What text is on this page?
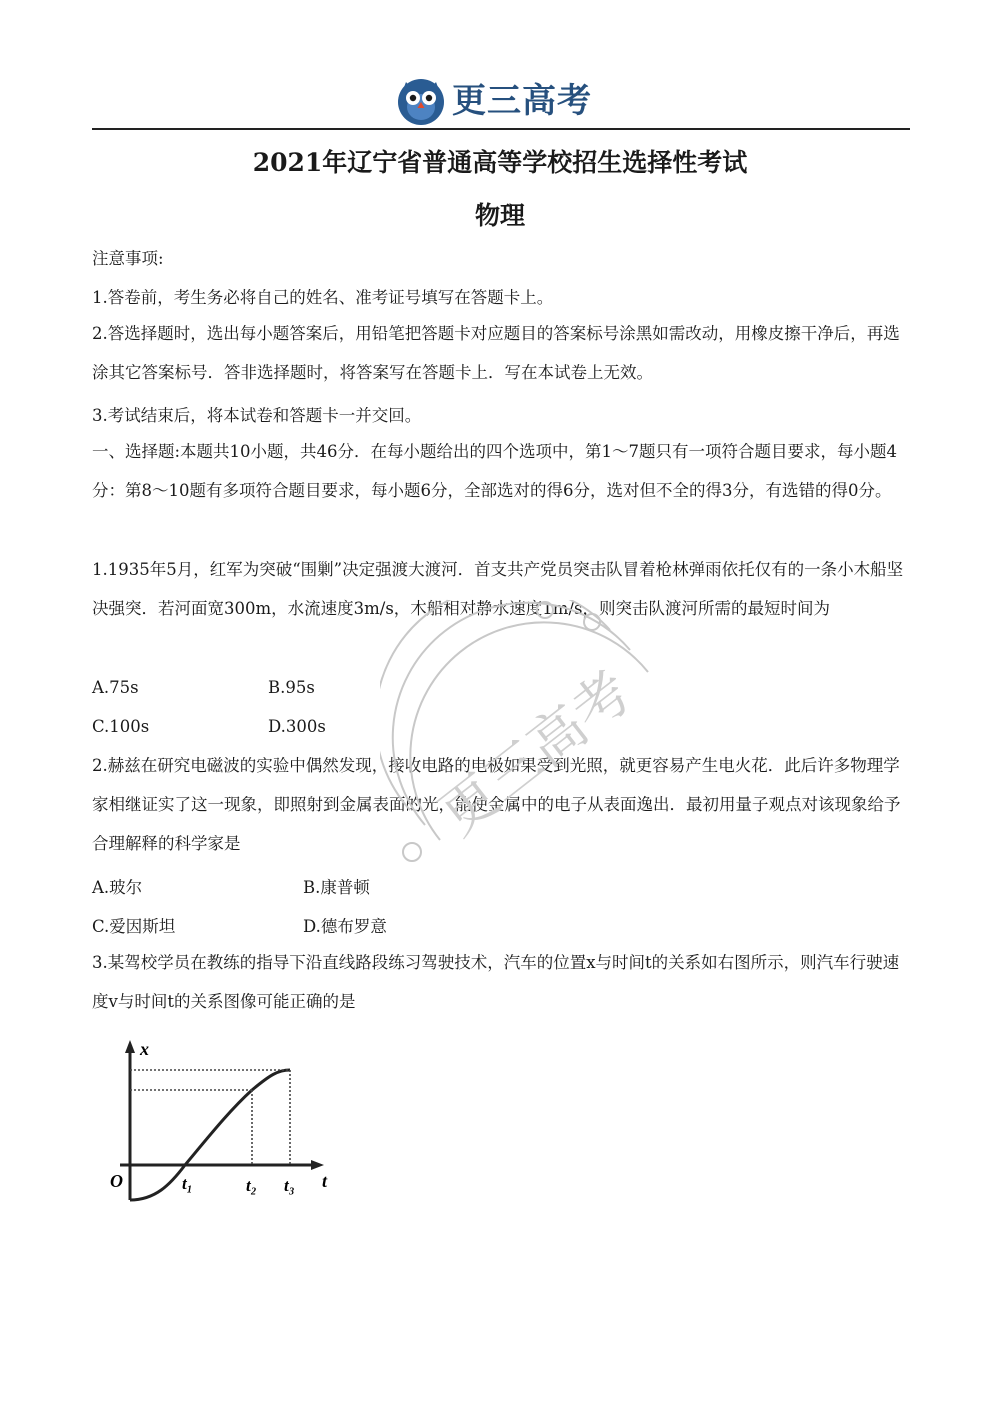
更三高考
2021年辽宁省普通高等学校招生选择性考试
物理
注意事项:
1.答卷前，考生务必将自己的姓名、准考证号填写在答题卡上。
2.答选择题时，选出每小题答案后，用铅笔把答题卡对应题目的答案标号涂黑如需改动，用橡皮擦干净后，再选涂其它答案标号．答非选择题时，将答案写在答题卡上．写在本试卷上无效。
3.考试结束后，将本试卷和答题卡一并交回。
一、选择题:本题共10小题，共46分．在每小题给出的四个选项中，第1～7题只有一项符合题目要求，每小题4分：第8～10题有多项符合题目要求，每小题6分，全部选对的得6分，选对但不全的得3分，有选错的得0分。
1.1935年5月，红军为突破“围剿”决定强渡大渡河．首支共产党员突击队冒着枪林弹雨依托仅有的一条小木船坚决强突．若河面宽300m，水流速度3m/s，木船相对静水速度1m/s，则突击队渡河所需的最短时间为
A.75s	B.95s
C.100s	D.300s
2.赫兹在研究电磁波的实验中偶然发现，接收电路的电极如果受到光照，就更容易产生电火花．此后许多物理学家相继证实了这一现象，即照射到金属表面的光，能使金属中的电子从表面逸出．最初用量子观点对该现象给予合理解释的科学家是
A.玻尔	B.康普顿
C.爱因斯坦	D.德布罗意
3.某驾校学员在教练的指导下沿直线路段练习驾驶技术，汽车的位置x与时间t的关系如右图所示，则汽车行驶速度v与时间t的关系图像可能正确的是
x
t
O	t₁	t₂ t₃
更三高考
